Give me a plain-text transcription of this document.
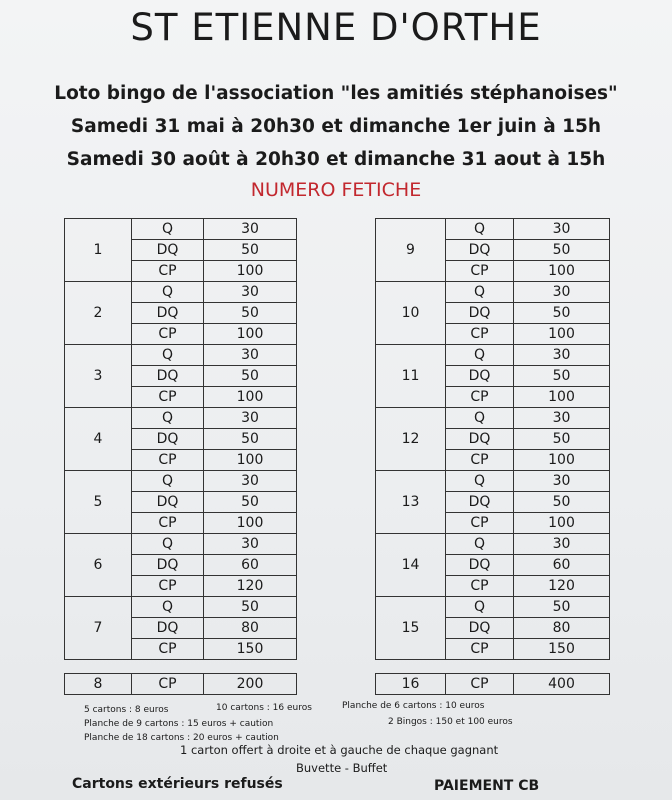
ST ETIENNE D'ORTHE
Loto bingo de l'association "les amitiés stéphanoises"
Samedi 31 mai à 20h30 et dimanche 1er juin à 15h
Samedi 30 août à 20h30 et dimanche 31 aout à 15h
NUMERO FETICHE
1	Q	30
	DQ	50
	CP	100
2	Q	30
	DQ	50
	CP	100
3	Q	30
	DQ	50
	CP	100
4	Q	30
	DQ	50
	CP	100
5	Q	30
	DQ	50
	CP	100
6	Q	30
	DQ	60
	CP	120
7	Q	50
	DQ	80
	CP	150
9	Q	30
	DQ	50
	CP	100
10	Q	30
	DQ	50
	CP	100
11	Q	30
	DQ	50
	CP	100
12	Q	30
	DQ	50
	CP	100
13	Q	30
	DQ	50
	CP	100
14	Q	30
	DQ	60
	CP	120
15	Q	50
	DQ	80
	CP	150
8	CP	200	16	CP	400
5 cartons : 8 euros	10 cartons : 16 euros	Planche de 6 cartons : 10 euros
Planche de 9 cartons : 15 euros + caution	2 Bingos : 150 et 100 euros
Planche de 18 cartons : 20 euros + caution
1 carton offert à droite et à gauche de chaque gagnant
Buvette - Buffet
Cartons extérieurs refusés	PAIEMENT CB
